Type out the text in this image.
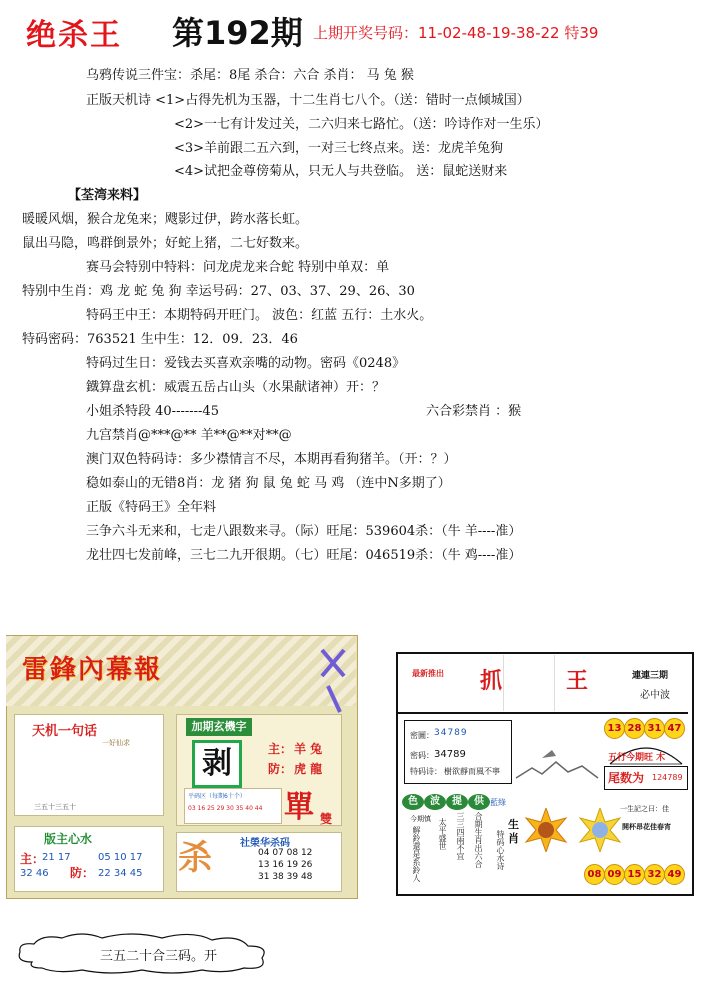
绝杀王 第192期 上期开奖号码：11-02-48-19-38-22 特39
乌鸦传说三件宝：杀尾：8尾 杀合：六合 杀肖： 马 兔 猴
正版天机诗 <1>占得先机为玉器，十二生肖七八个。（送：错时一点倾城国）
<2>一七有计发过关，二六归来七路忙。（送：吟诗作对一生乐）
<3>羊前跟二五六到，一对三七终点来。送：龙虎羊兔狗
<4>试把金尊傍菊从，只无人与共登临。 送：鼠蛇送财来
【荃湾来料】
暖暖风烟，猴合龙兔来；飕影过伊，跨水落长虹。
鼠出马隐，鸣群倒景外；好蛇上猪，二七好数来。
赛马会特别中特料：问龙虎龙来合蛇 特别中单双：单
特别中生肖：鸡 龙 蛇 兔 狗 幸运号码：27、03、37、29、26、30
特码王中王：本期特码开旺门。 波色：红蓝 五行：土水火。
特码密码：763521 生中生：12．09．23．46
特码过生日：爱钱去买喜欢亲嘴的动物。密码《0248》
鐡算盘玄机：威震五岳占山头（水果献诸神）开：？
小姐杀特段 40-------45	六合彩禁肖 ：猴
九宫禁肖@***@** 羊**@**对**@
澳门双色特码诗：多少襟情言不尽，本期再看狗猪羊。（开：？）
稳如泰山的无错8肖：龙 猪 狗 鼠 兔 蛇 马 鸡 （连中N多期了）
正版《特码王》全年料
三争六斗无来和，七走八跟数来寻。（际）旺尾：539604杀：（牛 羊----准）
龙壮四七发前峰，三七二九开很期。（七）旺尾：046519杀：（牛 鸡----准）
雷鋒內幕報
天机一句话
一好仙求
三五十三五十
加期玄機字
剥	主： 羊 兔
防： 虎 龍
平码区（每期6十个）
03 16 25 29 30 35 40 44 單 雙
版主心水
主：
21 17
32 46 防：
05 10 17
22 34 45 杀	社榮华杀码
04 07 08 12
13 16 19 26
31 38 39 48
最新推出 抓	王	連連三期
必中波
13 28 31 47
密圖： 34789
密码： 34789
特码诗： 樹欲靜而風不寧
五行今期旺 木
尾数为 124789
色	波	提	供 藍綠
今期慎
解鈴還是系鈴人 太平盛世 三三四兩不宜 合期生肖出六合 特码心水诗
生
肖
一生記之曰：佳
開杯昂花佳春宵
08 09 15 32 49
三五二十合三码。开
